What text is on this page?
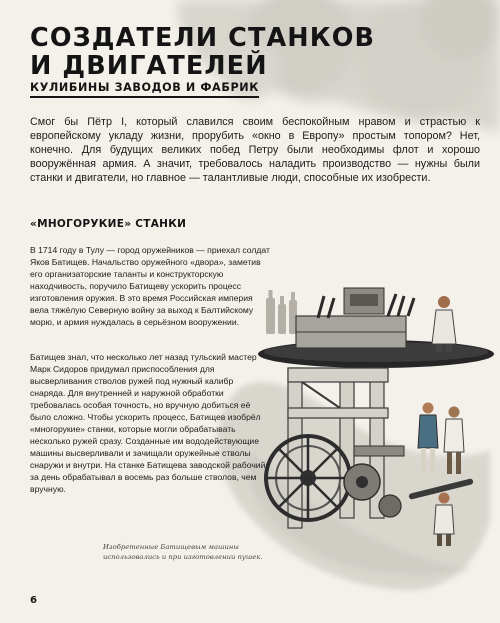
СОЗДАТЕЛИ СТАНКОВ
И ДВИГАТЕЛЕЙ
КУЛИБИНЫ ЗАВОДОВ И ФАБРИК

Смог бы Пётр I, который славился своим беспокойным нравом и страстью к европейскому укладу жизни, прорубить «окно в Европу» простым топором? Нет, конечно. Для будущих великих побед Петру были необходимы флот и хорошо вооружённая армия. А значит, требовалось наладить производство — нужны были станки и двигатели, но главное — талантливые люди, способные их изобрести.

«МНОГОРУКИЕ» СТАНКИ

В 1714 году в Тулу — город оружейников — приехал солдат Яков Батищев. Начальство оружейного «двора», заметив его организаторские таланты и конструкторскую находчивость, поручило Батищеву ускорить процесс изготовления оружия. В это время Российская империя вела тяжёлую Северную войну за выход к Балтийскому морю, и армия нуждалась в серьёзном вооружении.

Батищев знал, что несколько лет назад тульский мастер Марк Сидоров придумал приспособления для высверливания стволов ружей под нужный калибр снаряда. Для внутренней и наружной обработки требовалась особая точность, но вручную добиться её было сложно. Чтобы ускорить процесс, Батищев изобрёл «многорукие» станки, которые могли обрабатывать несколько ружей сразу. Созданные им вододействующие машины высверливали и зачищали оружейные стволы снаружи и внутри. На станке Батищева заводской рабочий за день обрабатывал в восемь раз больше стволов, чем вручную.

Изобретенные Батищевым машины использовались и при изготовлении пушек.
6
